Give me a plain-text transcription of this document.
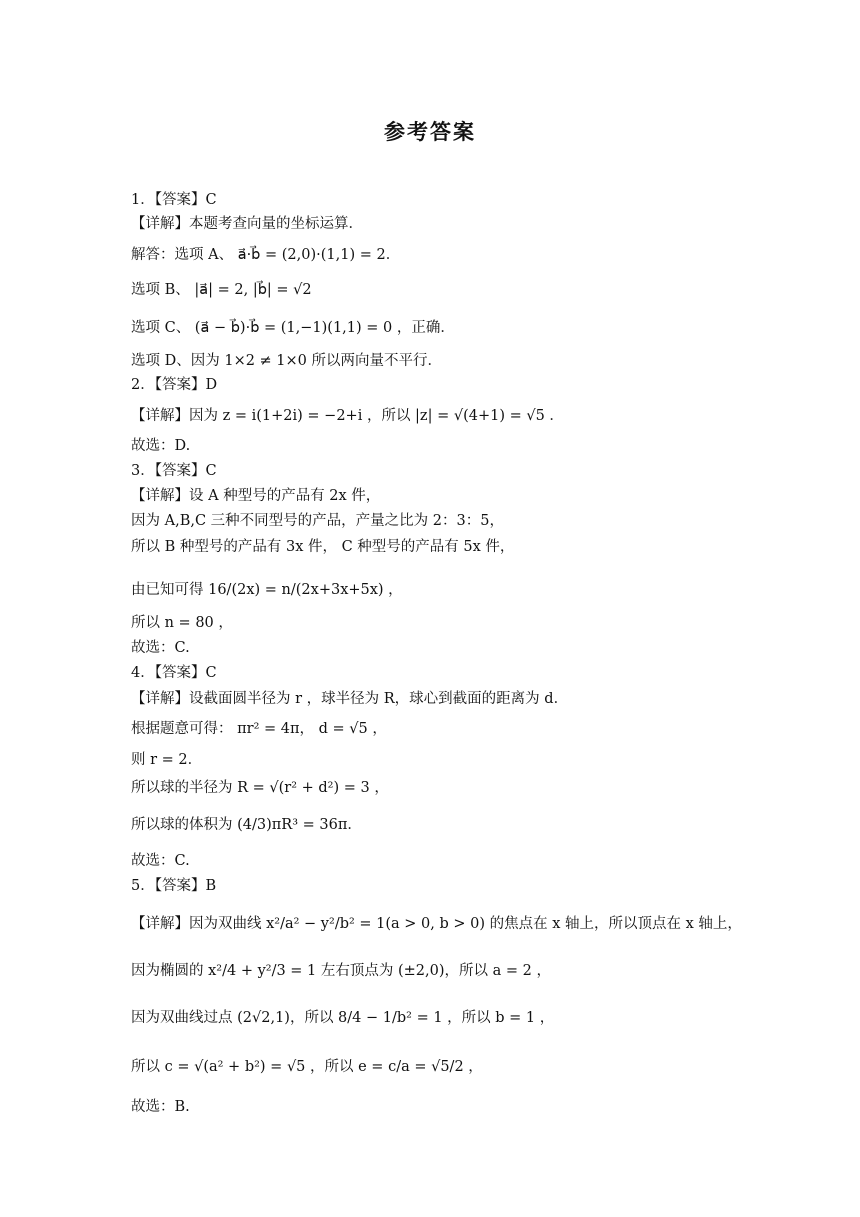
参考答案
1．【答案】C
【详解】本题考查向量的坐标运算．
解答：选项 A、 a⃗·b⃗ = (2,0)·(1,1) = 2．
选项 B、 |a⃗| = 2, |b⃗| = √2
选项 C、 (a⃗ − b⃗)·b⃗ = (1,−1)(1,1) = 0 ，正确．
选项 D、因为 1×2 ≠ 1×0 所以两向量不平行．
2．【答案】D
【详解】因为 z = i(1+2i) = −2+i ，所以 |z| = √(4+1) = √5 ．
故选：D.
3．【答案】C
【详解】设 A 种型号的产品有 2x 件，
因为 A,B,C 三种不同型号的产品，产量之比为 2：3：5，
所以 B 种型号的产品有 3x 件， C 种型号的产品有 5x 件，
由已知可得 16/(2x) = n/(2x+3x+5x) ，
所以 n = 80 ，
故选：C.
4．【答案】C
【详解】设截面圆半径为 r ，球半径为 R，球心到截面的距离为 d．
根据题意可得： πr² = 4π， d = √5 ，
则 r = 2．
所以球的半径为 R = √(r² + d²) = 3 ，
所以球的体积为 (4/3)πR³ = 36π．
故选：C.
5．【答案】B
【详解】因为双曲线 x²/a² − y²/b² = 1(a > 0, b > 0) 的焦点在 x 轴上，所以顶点在 x 轴上，
因为椭圆的 x²/4 + y²/3 = 1 左右顶点为 (±2,0)，所以 a = 2 ，
因为双曲线过点 (2√2,1)，所以 8/4 − 1/b² = 1 ，所以 b = 1 ，
所以 c = √(a² + b²) = √5 ，所以 e = c/a = √5/2 ，
故选：B.
